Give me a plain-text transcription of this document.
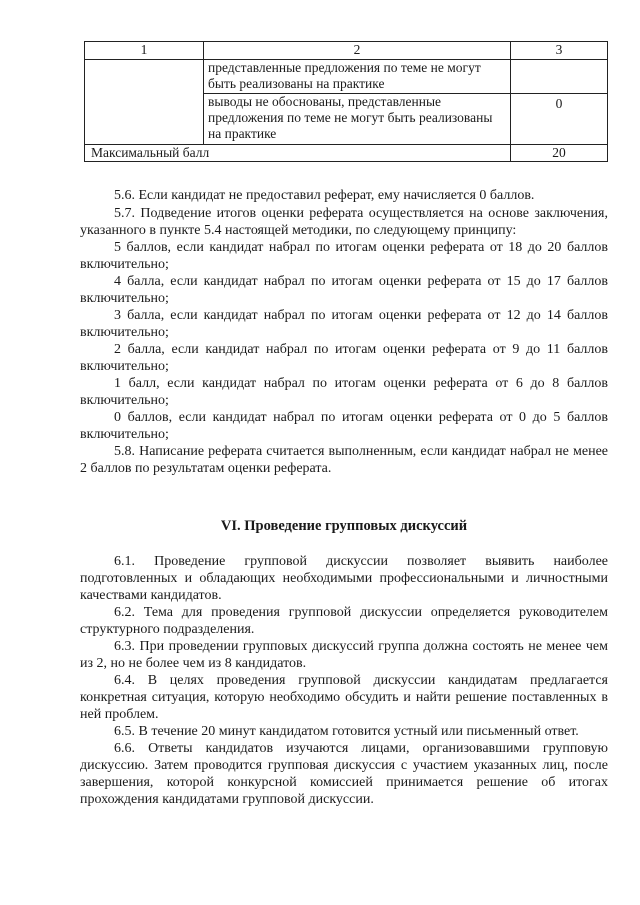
1	2	3
	представленные предложения по теме не могут быть реализованы на практике	
	выводы не обоснованы, представленные предложения по теме не могут быть реализованы на практике	0
Максимальный балл		20

5.6. Если кандидат не предоставил реферат, ему начисляется 0 баллов.

5.7. Подведение итогов оценки реферата осуществляется на основе заключения, указанного в пункте 5.4 настоящей методики, по следующему принципу:

5 баллов, если кандидат набрал по итогам оценки реферата от 18 до 20 баллов включительно;

4 балла, если кандидат набрал по итогам оценки реферата от 15 до 17 баллов включительно;

3 балла, если кандидат набрал по итогам оценки реферата от 12 до 14 баллов включительно;

2 балла, если кандидат набрал по итогам оценки реферата от 9 до 11 баллов включительно;

1 балл, если кандидат набрал по итогам оценки реферата от 6 до 8 баллов включительно;

0 баллов, если кандидат набрал по итогам оценки реферата от 0 до 5 баллов включительно;

5.8. Написание реферата считается выполненным, если кандидат набрал не менее 2 баллов по результатам оценки реферата.

VI. Проведение групповых дискуссий

6.1. Проведение групповой дискуссии позволяет выявить наиболее подготовленных и обладающих необходимыми профессиональными и личностными качествами кандидатов.

6.2. Тема для проведения групповой дискуссии определяется руководителем структурного подразделения.

6.3. При проведении групповых дискуссий группа должна состоять не менее чем из 2, но не более чем из 8 кандидатов.

6.4. В целях проведения групповой дискуссии кандидатам предлагается конкретная ситуация, которую необходимо обсудить и найти решение поставленных в ней проблем.

6.5. В течение 20 минут кандидатом готовится устный или письменный ответ.

6.6. Ответы кандидатов изучаются лицами, организовавшими групповую дискуссию. Затем проводится групповая дискуссия с участием указанных лиц, после завершения, которой конкурсной комиссией принимается решение об итогах прохождения кандидатами групповой дискуссии.
